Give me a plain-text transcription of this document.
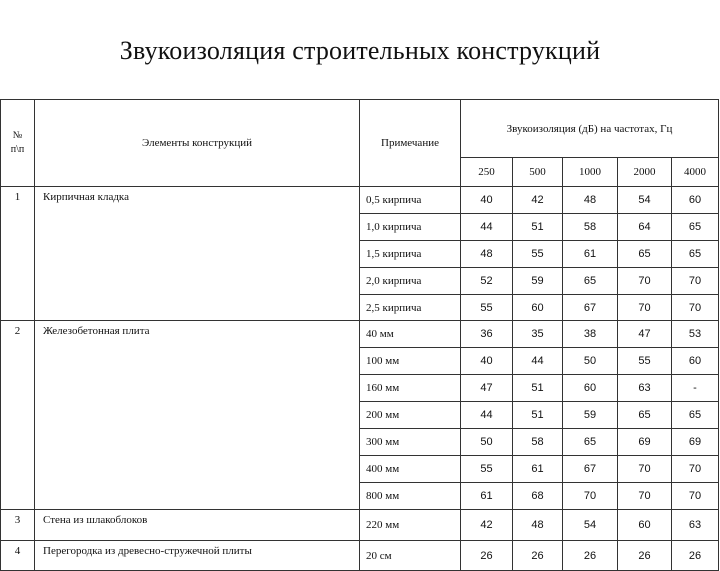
Звукоизоляция строительных конструкций
№
п\п	Элементы конструкций	Примечание	Звукоизоляция (дБ) на частотах, Гц				
			250	500	1000	2000	4000
1	Кирпичная кладка	0,5 кирпича	40	42	48	54	60
		1,0 кирпича	44	51	58	64	65
		1,5 кирпича	48	55	61	65	65
		2,0 кирпича	52	59	65	70	70
		2,5 кирпича	55	60	67	70	70
2	Железобетонная плита	40 мм	36	35	38	47	53
		100 мм	40	44	50	55	60
		160 мм	47	51	60	63	-
		200 мм	44	51	59	65	65
		300 мм	50	58	65	69	69
		400 мм	55	61	67	70	70
		800 мм	61	68	70	70	70
3	Стена из шлакоблоков	220 мм	42	48	54	60	63
4	Перегородка из древесно-стружечной плиты	20 см	26	26	26	26	26
